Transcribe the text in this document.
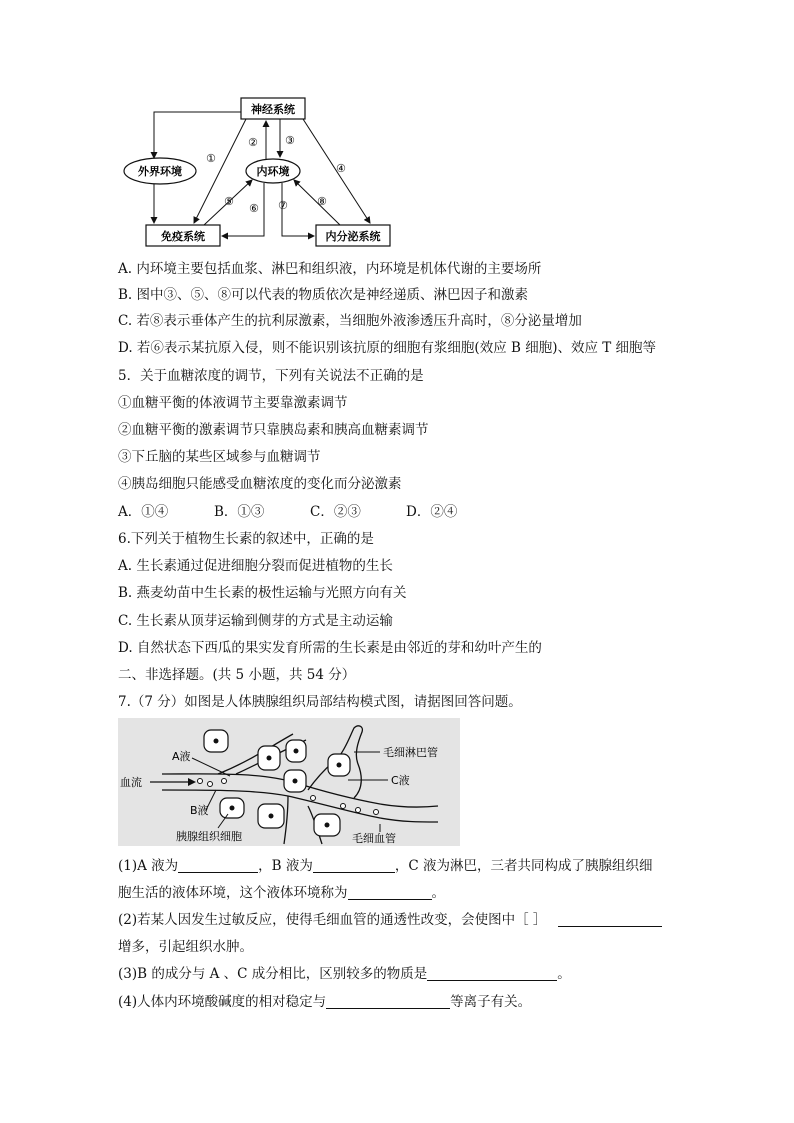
神经系统
外界环境	内环境
免疫系统	内分泌系统
①
② ③
④
⑤
⑥ ⑦	⑧
A. 内环境主要包括血浆、淋巴和组织液，内环境是机体代谢的主要场所
B. 图中③、⑤、⑧可以代表的物质依次是神经递质、淋巴因子和激素
C. 若⑧表示垂体产生的抗利尿激素，当细胞外液渗透压升高时，⑧分泌量增加
D. 若⑥表示某抗原入侵，则不能识别该抗原的细胞有浆细胞(效应 B 细胞)、效应 T 细胞等
5．关于血糖浓度的调节，下列有关说法不正确的是
①血糖平衡的体液调节主要靠激素调节
②血糖平衡的激素调节只靠胰岛素和胰高血糖素调节
③下丘脑的某些区域参与血糖调节
④胰岛细胞只能感受血糖浓度的变化而分泌激素
A．①④	B．①③	C．②③	D．②④
6.下列关于植物生长素的叙述中，正确的是
A. 生长素通过促进细胞分裂而促进植物的生长
B. 燕麦幼苗中生长素的极性运输与光照方向有关
C. 生长素从顶芽运输到侧芽的方式是主动运输
D. 自然状态下西瓜的果实发育所需的生长素是由邻近的芽和幼叶产生的
二、非选择题。(共 5 小题，共 54 分）
7.（7 分）如图是人体胰腺组织局部结构模式图，请据图回答问题。
A液
血流
B液
胰腺组织细胞
毛细淋巴管
C液
毛细血管
(1)A 液为	，B 液为	，C 液为淋巴，三者共同构成了胰腺组织细
胞生活的液体环境，这个液体环境称为	。
(2)若某人因发生过敏反应，使得毛细血管的通透性改变，会使图中［ ］
增多，引起组织水肿。
(3)B 的成分与 A 、C 成分相比，区别较多的物质是	。
(4)人体内环境酸碱度的相对稳定与	等离子有关。
